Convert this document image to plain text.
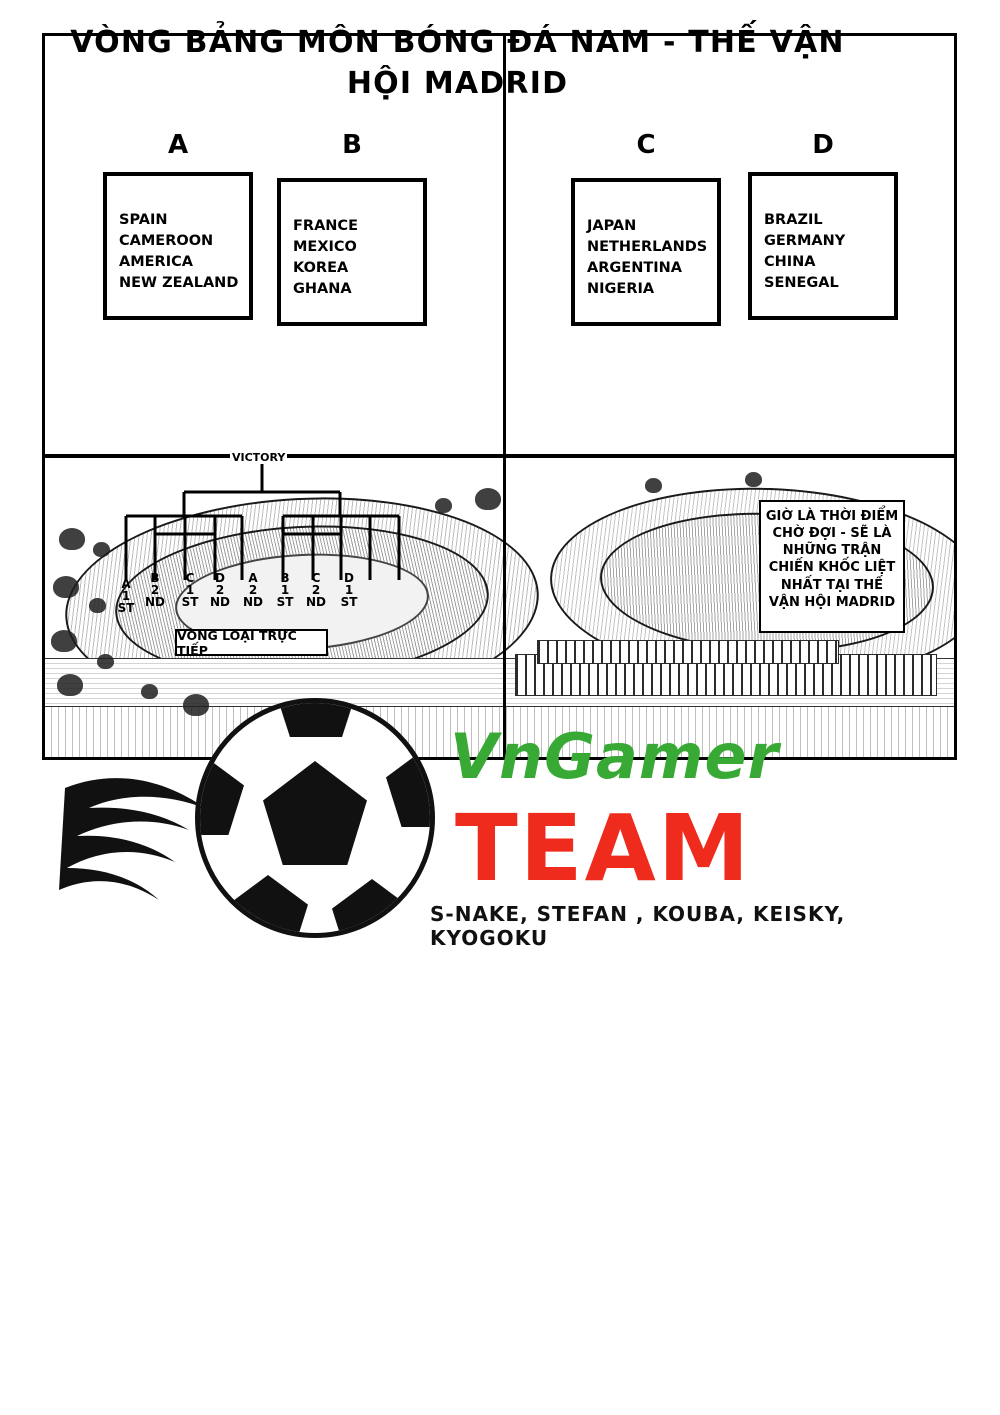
VÒNG BẢNG MÔN BÓNG ĐÁ NAM - THẾ VẬN HỘI MADRID
A
SPAIN
CAMEROON
AMERICA
NEW ZEALAND
B
FRANCE
MEXICO
KOREA
GHANA
C
JAPAN
NETHERLANDS
ARGENTINA
NIGERIA
D
BRAZIL
GERMANY
CHINA
SENEGAL
VICTORY
A
1
ST
B
2
ND
C
1
ST
D
2
ND
A
2
ND
B
1
ST
C
2
ND
D
1
ST
VÒNG LOẠI TRỰC TIẾP
GIỜ LÀ THỜI ĐIỂM CHỜ ĐỢI - SẼ LÀ NHỮNG TRẬN CHIẾN KHỐC LIỆT NHẤT TẠI THẾ VẬN HỘI MADRID
VnGamer
TEAM
S-NAKE, STEFAN , KOUBA, KEISKY, KYOGOKU
